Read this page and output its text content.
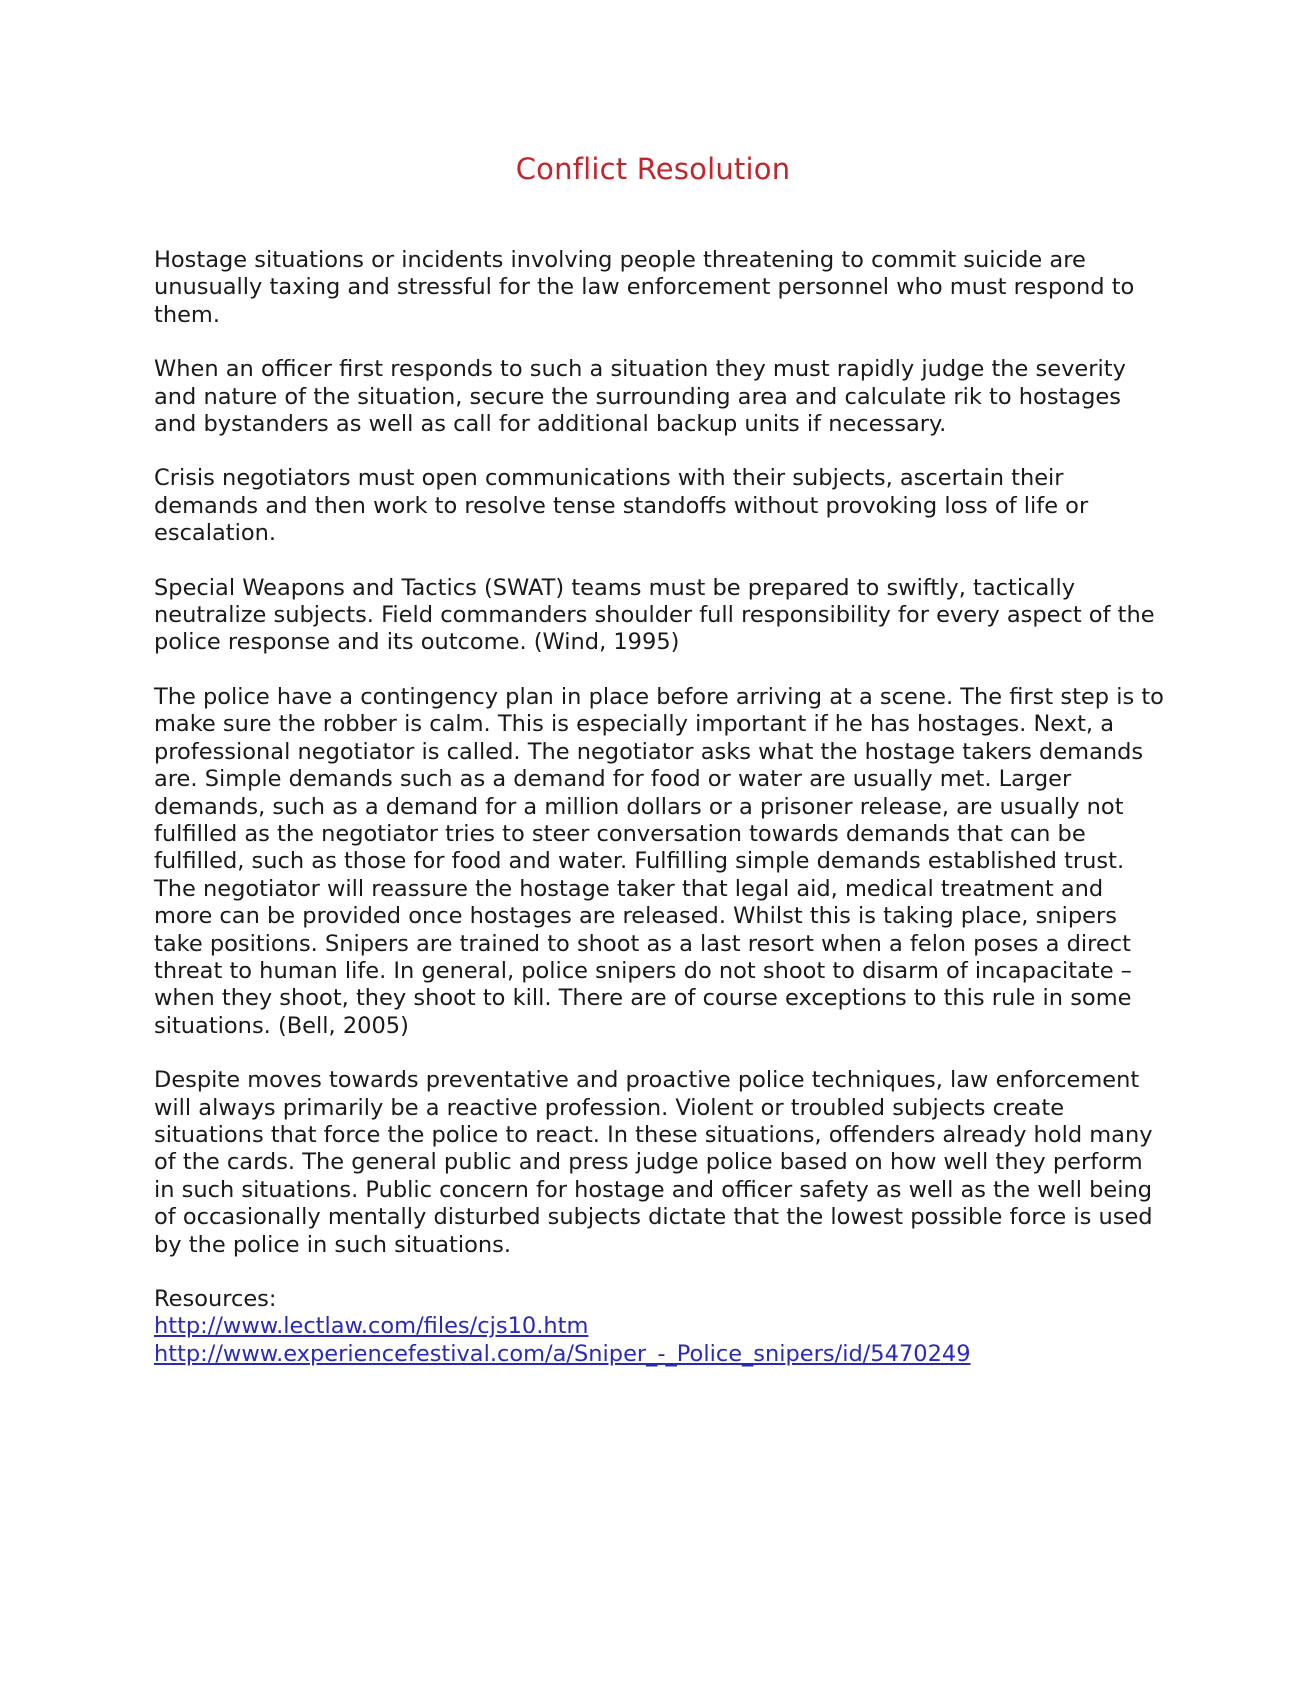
Conflict Resolution

Hostage situations or incidents involving people threatening to commit suicide are unusually taxing and stressful for the law enforcement personnel who must respond to them.

When an officer first responds to such a situation they must rapidly judge the severity and nature of the situation, secure the surrounding area and calculate rik to hostages and bystanders as well as call for additional backup units if necessary.

Crisis negotiators must open communications with their subjects, ascertain their demands and then work to resolve tense standoffs without provoking loss of life or escalation.

Special Weapons and Tactics (SWAT) teams must be prepared to swiftly, tactically neutralize subjects. Field commanders shoulder full responsibility for every aspect of the police response and its outcome. (Wind, 1995)

The police have a contingency plan in place before arriving at a scene. The first step is to make sure the robber is calm. This is especially important if he has hostages. Next, a professional negotiator is called. The negotiator asks what the hostage takers demands are. Simple demands such as a demand for food or water are usually met. Larger demands, such as a demand for a million dollars or a prisoner release, are usually not fulfilled as the negotiator tries to steer conversation towards demands that can be fulfilled, such as those for food and water. Fulfilling simple demands established trust. The negotiator will reassure the hostage taker that legal aid, medical treatment and more can be provided once hostages are released. Whilst this is taking place, snipers take positions. Snipers are trained to shoot as a last resort when a felon poses a direct threat to human life. In general, police snipers do not shoot to disarm of incapacitate – when they shoot, they shoot to kill. There are of course exceptions to this rule in some situations. (Bell, 2005)

Despite moves towards preventative and proactive police techniques, law enforcement will always primarily be a reactive profession. Violent or troubled subjects create situations that force the police to react. In these situations, offenders already hold many of the cards. The general public and press judge police based on how well they perform in such situations. Public concern for hostage and officer safety as well as the well being of occasionally mentally disturbed subjects dictate that the lowest possible force is used by the police in such situations.

Resources:
http://www.lectlaw.com/files/cjs10.htm
http://www.experiencefestival.com/a/Sniper_-_Police_snipers/id/5470249
